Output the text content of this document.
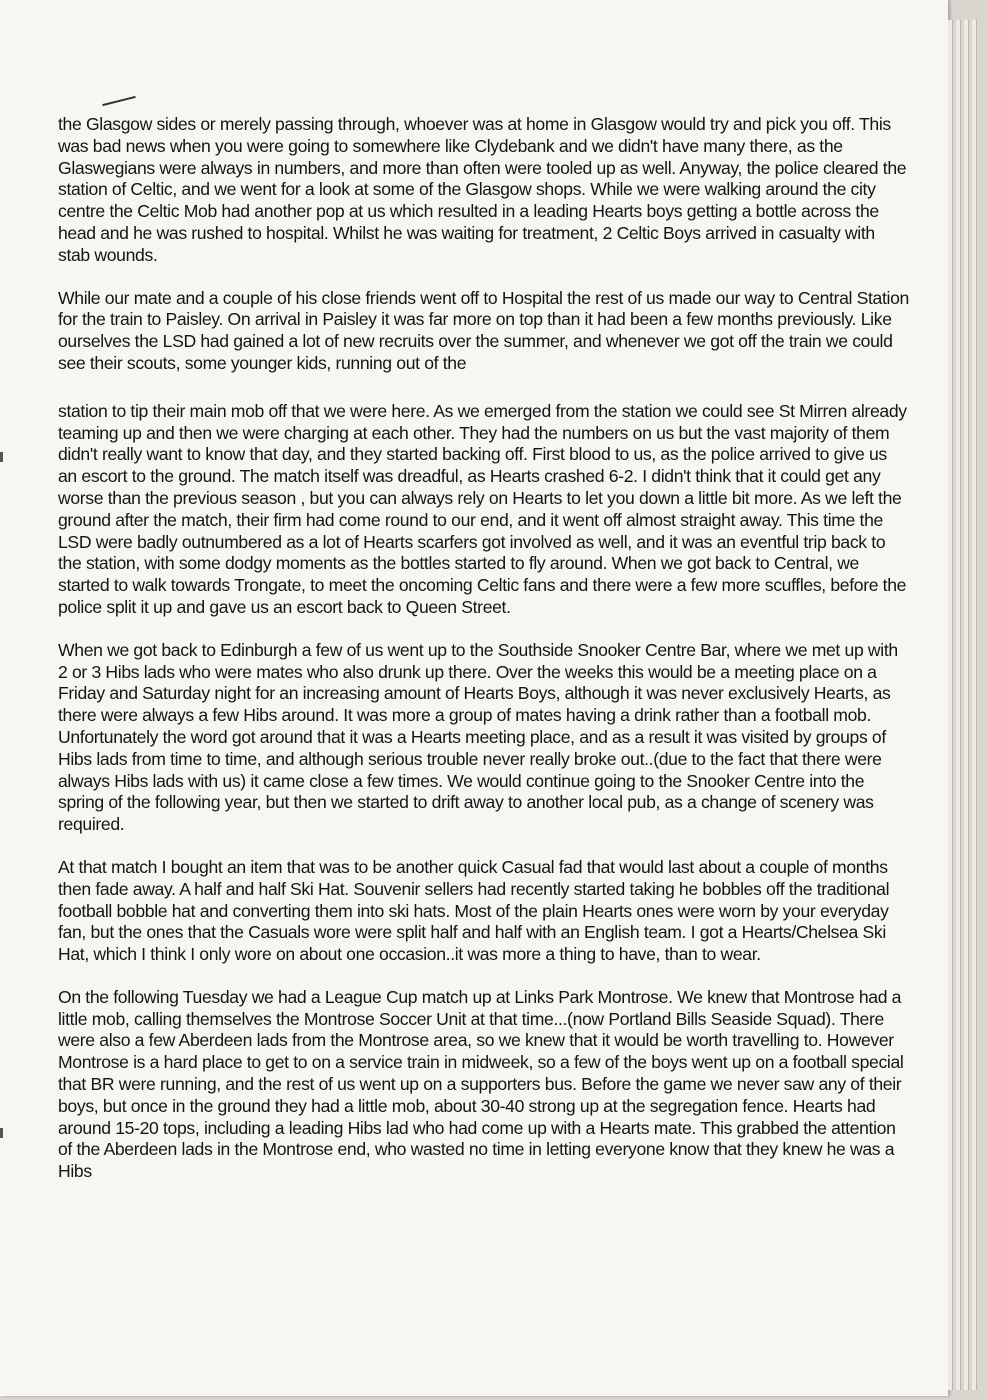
the Glasgow sides or merely passing through, whoever was at home in Glasgow would try and pick you off. This was bad news when you were going to somewhere like Clydebank and we didn't have many there, as the Glaswegians were always in numbers, and more than often were tooled up as well. Anyway, the police cleared the station of Celtic, and we went for a look at some of the Glasgow shops. While we were walking around the city centre the Celtic Mob had another pop at us which resulted in a leading Hearts boys getting a bottle across the head and he was rushed to hospital. Whilst he was waiting for treatment, 2 Celtic Boys arrived in casualty with stab wounds.

While our mate and a couple of his close friends went off to Hospital the rest of us made our way to Central Station for the train to Paisley. On arrival in Paisley it was far more on top than it had been a few months previously. Like ourselves the LSD had gained a lot of new recruits over the summer, and whenever we got off the train we could see their scouts, some younger kids, running out of the

station to tip their main mob off that we were here. As we emerged from the station we could see St Mirren already teaming up and then we were charging at each other. They had the numbers on us but the vast majority of them didn't really want to know that day, and they started backing off. First blood to us, as the police arrived to give us an escort to the ground. The match itself was dreadful, as Hearts crashed 6-2. I didn't think that it could get any worse than the previous season , but you can always rely on Hearts to let you down a little bit more. As we left the ground after the match, their firm had come round to our end, and it went off almost straight away. This time the LSD were badly outnumbered as a lot of Hearts scarfers got involved as well, and it was an eventful trip back to the station, with some dodgy moments as the bottles started to fly around. When we got back to Central, we started to walk towards Trongate, to meet the oncoming Celtic fans and there were a few more scuffles, before the police split it up and gave us an escort back to Queen Street.

When we got back to Edinburgh a few of us went up to the Southside Snooker Centre Bar, where we met up with 2 or 3 Hibs lads who were mates who also drunk up there. Over the weeks this would be a meeting place on a Friday and Saturday night for an increasing amount of Hearts Boys, although it was never exclusively Hearts, as there were always a few Hibs around. It was more a group of mates having a drink rather than a football mob. Unfortunately the word got around that it was a Hearts meeting place, and as a result it was visited by groups of Hibs lads from time to time, and although serious trouble never really broke out..(due to the fact that there were always Hibs lads with us) it came close a few times. We would continue going to the Snooker Centre into the spring of the following year, but then we started to drift away to another local pub, as a change of scenery was required.

At that match I bought an item that was to be another quick Casual fad that would last about a couple of months then fade away. A half and half Ski Hat. Souvenir sellers had recently started taking he bobbles off the traditional football bobble hat and converting them into ski hats. Most of the plain Hearts ones were worn by your everyday fan, but the ones that the Casuals wore were split half and half with an English team. I got a Hearts/Chelsea Ski Hat, which I think I only wore on about one occasion..it was more a thing to have, than to wear.

On the following Tuesday we had a League Cup match up at Links Park Montrose. We knew that Montrose had a little mob, calling themselves the Montrose Soccer Unit at that time...(now Portland Bills Seaside Squad). There were also a few Aberdeen lads from the Montrose area, so we knew that it would be worth travelling to. However Montrose is a hard place to get to on a service train in midweek, so a few of the boys went up on a football special that BR were running, and the rest of us went up on a supporters bus. Before the game we never saw any of their boys, but once in the ground they had a little mob, about 30-40 strong up at the segregation fence. Hearts had around 15-20 tops, including a leading Hibs lad who had come up with a Hearts mate. This grabbed the attention of the Aberdeen lads in the Montrose end, who wasted no time in letting everyone know that they knew he was a Hibs
